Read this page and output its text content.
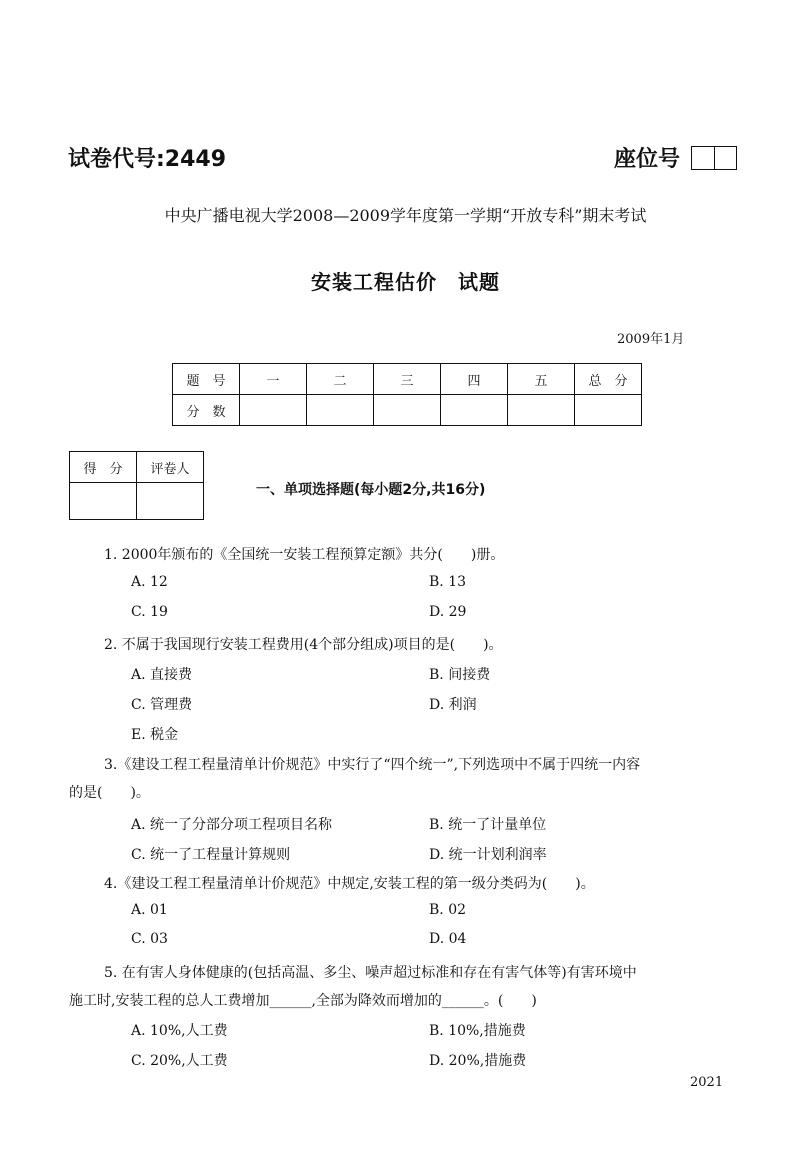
试卷代号:2449	座位号
中央广播电视大学2008—2009学年度第一学期“开放专科”期末考试
安装工程估价　试题
2009年1月
题　号	一	二	三	四	五	总　分
分　数						
得　分	评卷人

一、单项选择题(每小题2分,共16分)
1. 2000年颁布的《全国统一安装工程预算定额》共分(　　)册。
A. 12	B. 13
C. 19	D. 29
2. 不属于我国现行安装工程费用(4个部分组成)项目的是(　　)。
A. 直接费	B. 间接费
C. 管理费	D. 利润
E. 税金
3.《建设工程工程量清单计价规范》中实行了“四个统一”,下列选项中不属于四统一内容
的是(　　)。
A. 统一了分部分项工程项目名称	B. 统一了计量单位
C. 统一了工程量计算规则	D. 统一计划利润率
4.《建设工程工程量清单计价规范》中规定,安装工程的第一级分类码为(　　)。
A. 01	B. 02
C. 03	D. 04
5. 在有害人身体健康的(包括高温、多尘、噪声超过标准和存在有害气体等)有害环境中
施工时,安装工程的总人工费增加______,全部为降效而增加的______。(　　)
A. 10%,人工费	B. 10%,措施费
C. 20%,人工费	D. 20%,措施费
2021
